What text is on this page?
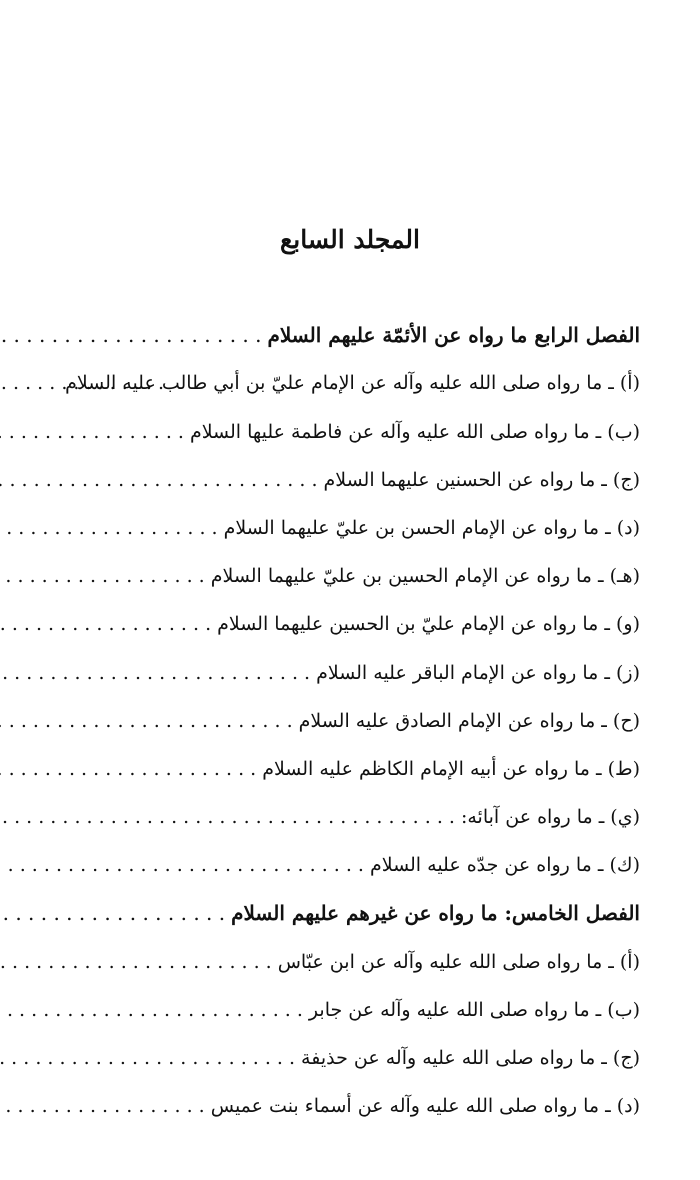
المجلد السابع
الفصل الرابع ما رواه عن الأئمّة عليهم السلام
. . .
(أ) ـ ما رواه صلى الله عليه وآله عن الإمام عليّ بن أبي طالب عليه السلام
. . .
(ب) ـ ما رواه صلى الله عليه وآله عن فاطمة عليها السلام
. . .
(ج) ـ ما رواه عن الحسنين عليهما السلام
. . .
(د) ـ ما رواه عن الإمام الحسن بن عليّ عليهما السلام
. . .
(هـ) ـ ما رواه عن الإمام الحسين بن عليّ عليهما السلام
. . .
(و) ـ ما رواه عن الإمام عليّ بن الحسين عليهما السلام
. . .
(ز) ـ ما رواه عن الإمام الباقر عليه السلام
. . .
(ح) ـ ما رواه عن الإمام الصادق عليه السلام
. . .
(ط) ـ ما رواه عن أبيه الإمام الكاظم عليه السلام
. . .
(ي) ـ ما رواه عن آبائه:
. . .
(ك) ـ ما رواه عن جدّه عليه السلام
. . .
الفصل الخامس: ما رواه عن غيرهم عليهم السلام
. . .
(أ) ـ ما رواه صلى الله عليه وآله عن ابن عبّاس
. . .
(ب) ـ ما رواه صلى الله عليه وآله عن جابر
. . .
(ج) ـ ما رواه صلى الله عليه وآله عن حذيفة
. . .
(د) ـ ما رواه صلى الله عليه وآله عن أسماء بنت عميس
. . .
